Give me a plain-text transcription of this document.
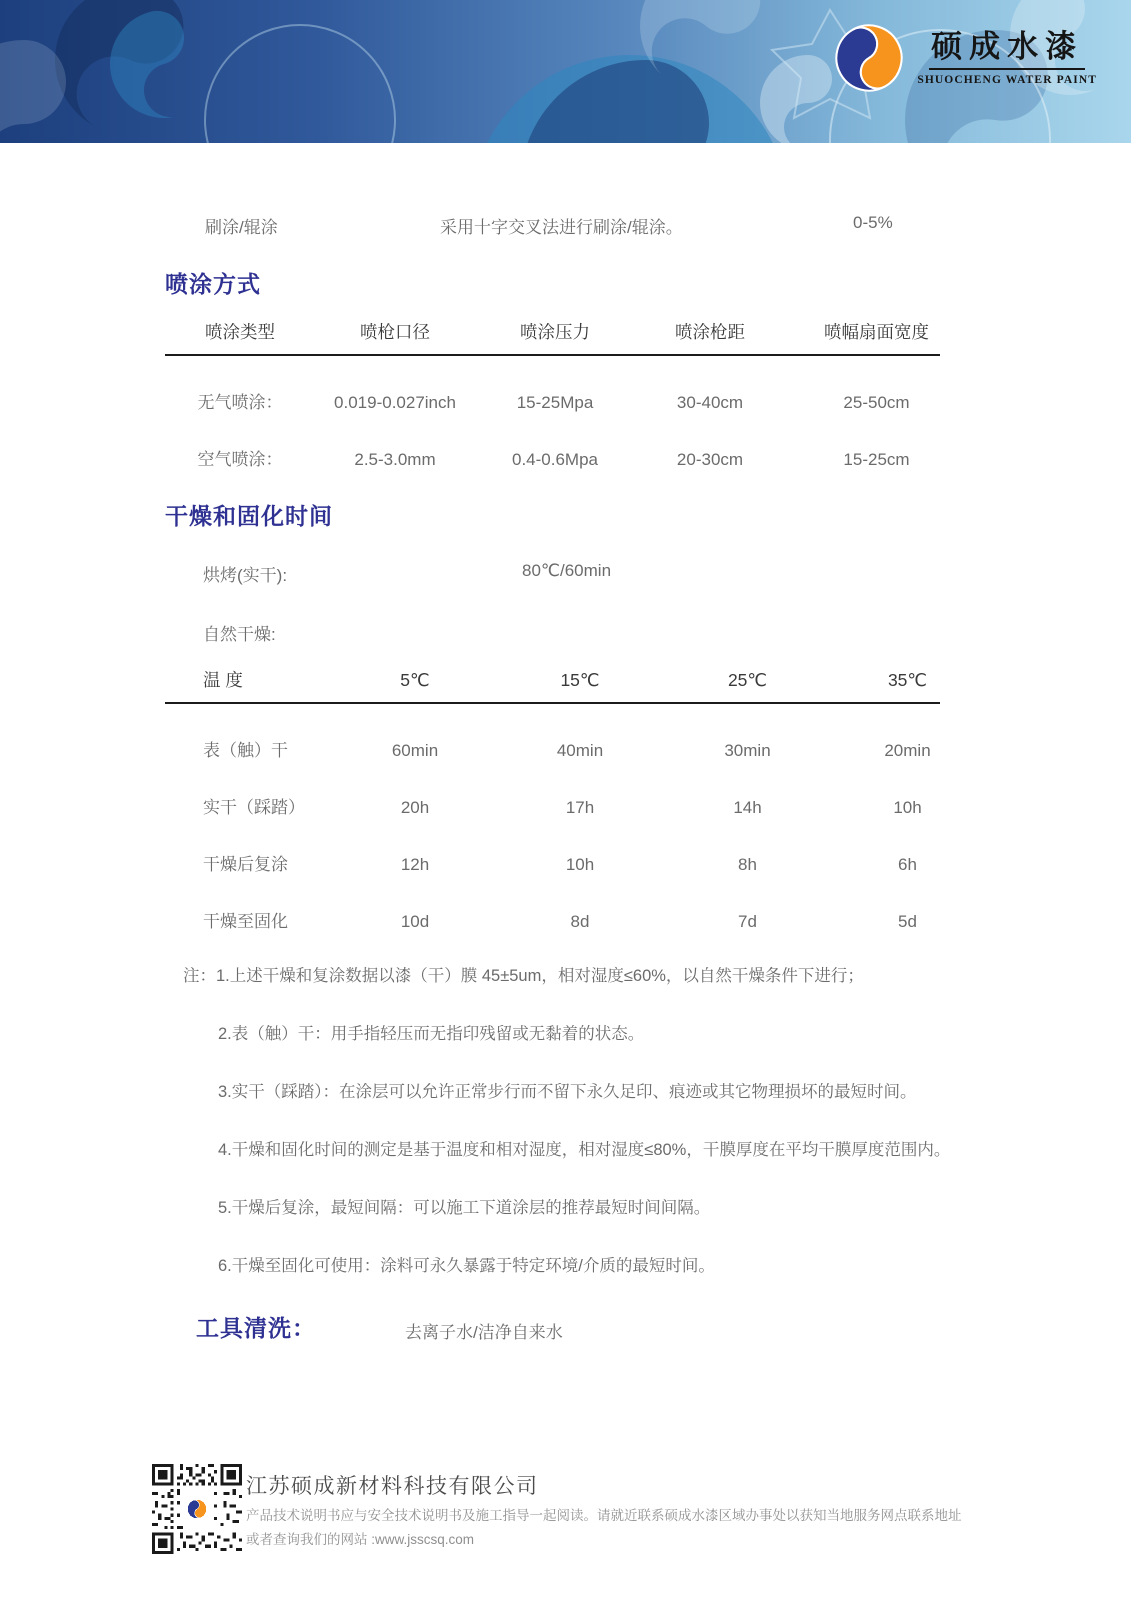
硕成水漆
SHUOCHENG WATER PAINT
刷涂/辊涂	采用十字交叉法进行刷涂/辊涂。	0-5%
喷涂方式
喷涂类型	喷枪口径	喷涂压力	喷涂枪距	喷幅扇面宽度
无气喷涂：	0.019-0.027inch	15-25Mpa	30-40cm	25-50cm
空气喷涂：	2.5-3.0mm	0.4-0.6Mpa	20-30cm	15-25cm
干燥和固化时间
烘烤(实干):	80℃/60min
自然干燥:
温 度	5℃	15℃	25℃	35℃
表（触）干	60min	40min	30min	20min
实干（踩踏）	20h	17h	14h	10h
干燥后复涂	12h	10h	8h	6h
干燥至固化	10d	8d	7d	5d
注： 1.上述干燥和复涂数据以漆（干）膜 45±5um，相对湿度≤60%，以自然干燥条件下进行；
2.表（触）干：用手指轻压而无指印残留或无黏着的状态。
3.实干（踩踏）：在涂层可以允许正常步行而不留下永久足印、痕迹或其它物理损坏的最短时间。
4.干燥和固化时间的测定是基于温度和相对湿度，相对湿度≤80%，干膜厚度在平均干膜厚度范围内。
5.干燥后复涂，最短间隔：可以施工下道涂层的推荐最短时间间隔。
6.干燥至固化可使用：涂料可永久暴露于特定环境/介质的最短时间。
工具清洗：	去离子水/洁净自来水
江苏硕成新材料科技有限公司
产品技术说明书应与安全技术说明书及施工指导一起阅读。请就近联系硕成水漆区域办事处以获知当地服务网点联系地址
或者查询我们的网站 :www.jsscsq.com
